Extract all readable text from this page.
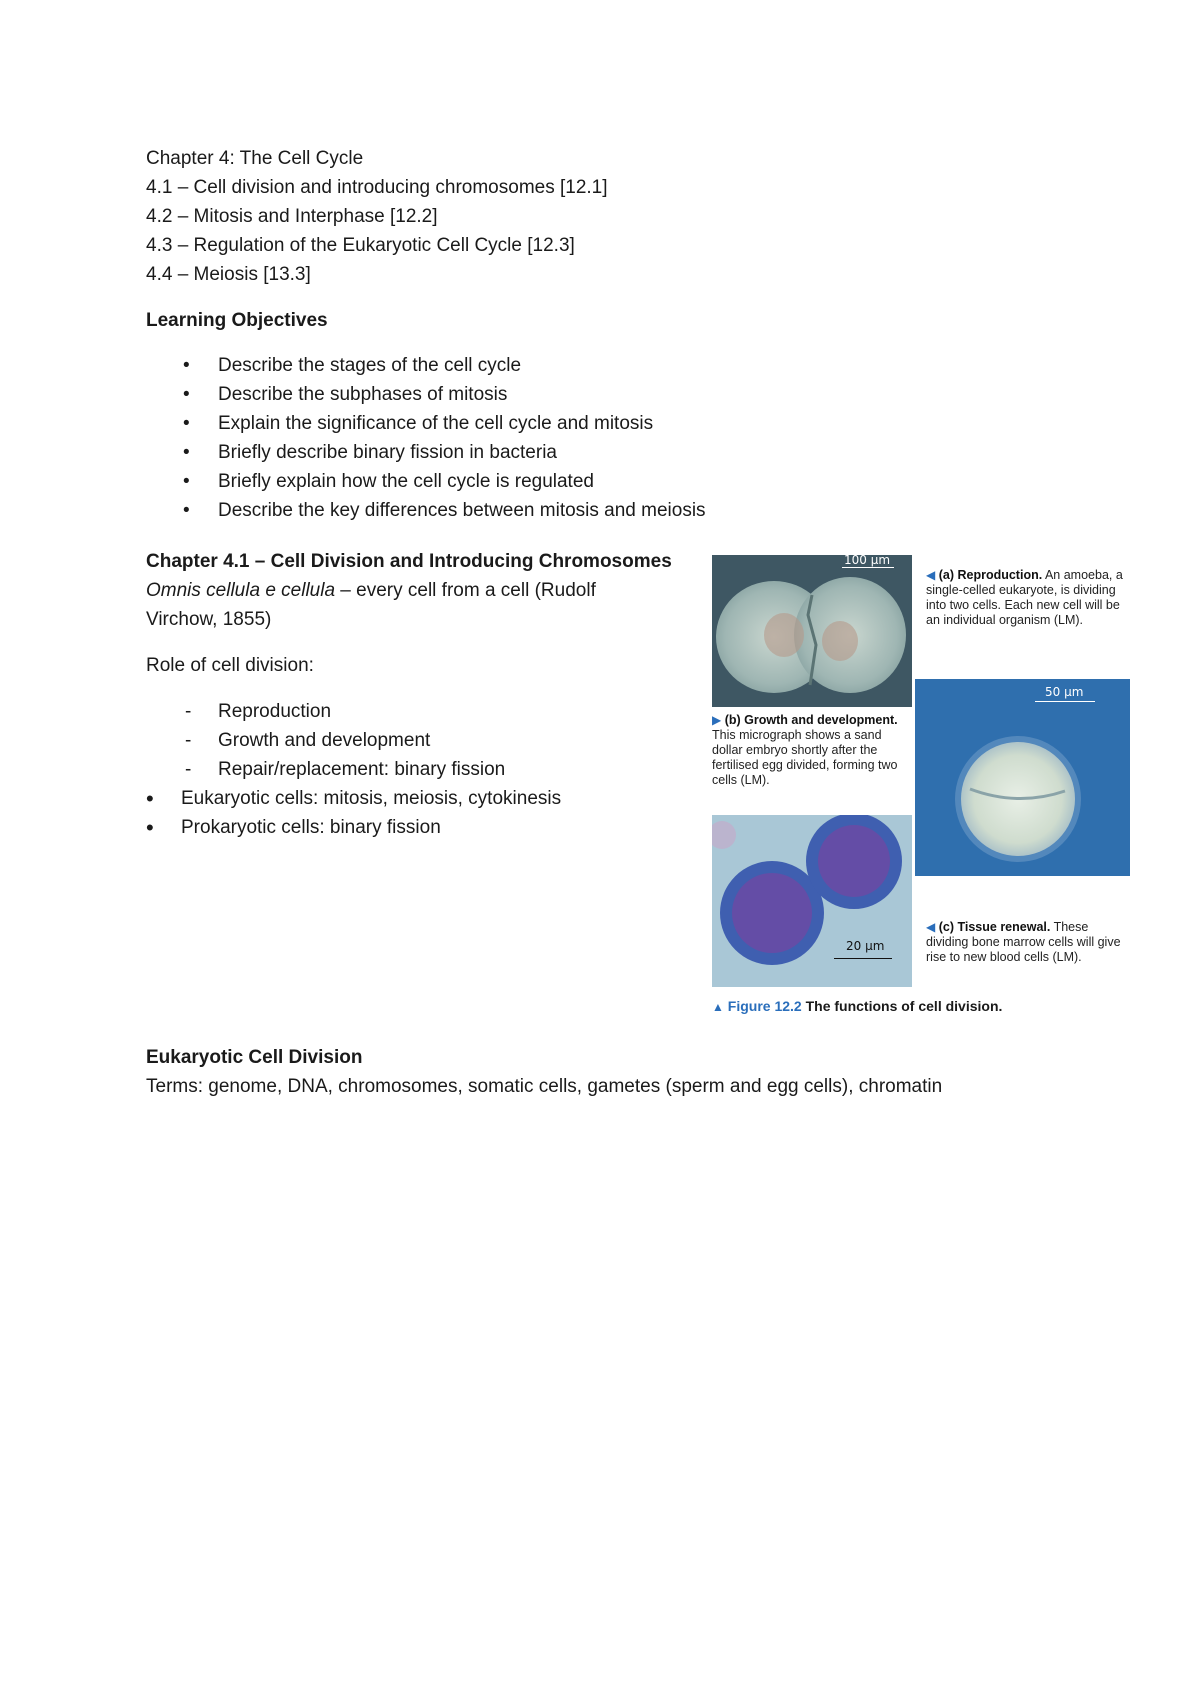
Chapter 4: The Cell Cycle
4.1 – Cell division and introducing chromosomes [12.1]
4.2 – Mitosis and Interphase [12.2]
4.3 – Regulation of the Eukaryotic Cell Cycle [12.3]
4.4 – Meiosis [13.3]
Learning Objectives
• Describe the stages of the cell cycle
• Describe the subphases of mitosis
• Explain the significance of the cell cycle and mitosis
• Briefly describe binary fission in bacteria
• Briefly explain how the cell cycle is regulated
• Describe the key differences between mitosis and meiosis
Chapter 4.1 – Cell Division and Introducing Chromosomes
Omnis cellula e cellula – every cell from a cell (Rudolf
Virchow, 1855)
Role of cell division:
- Reproduction
- Growth and development
- Repair/replacement: binary fission
• Eukaryotic cells: mitosis, meiosis, cytokinesis
• Prokaryotic cells: binary fission
100 µm
◀ (a) Reproduction. An amoeba, a single-celled eukaryote, is dividing into two cells. Each new cell will be an individual organism (LM).
50 µm
▶ (b) Growth and development. This micrograph shows a sand dollar embryo shortly after the fertilised egg divided, forming two cells (LM).
20 µm
◀ (c) Tissue renewal. These dividing bone marrow cells will give rise to new blood cells (LM).
▲ Figure 12.2 The functions of cell division.
Eukaryotic Cell Division
Terms: genome, DNA, chromosomes, somatic cells, gametes (sperm and egg cells), chromatin
